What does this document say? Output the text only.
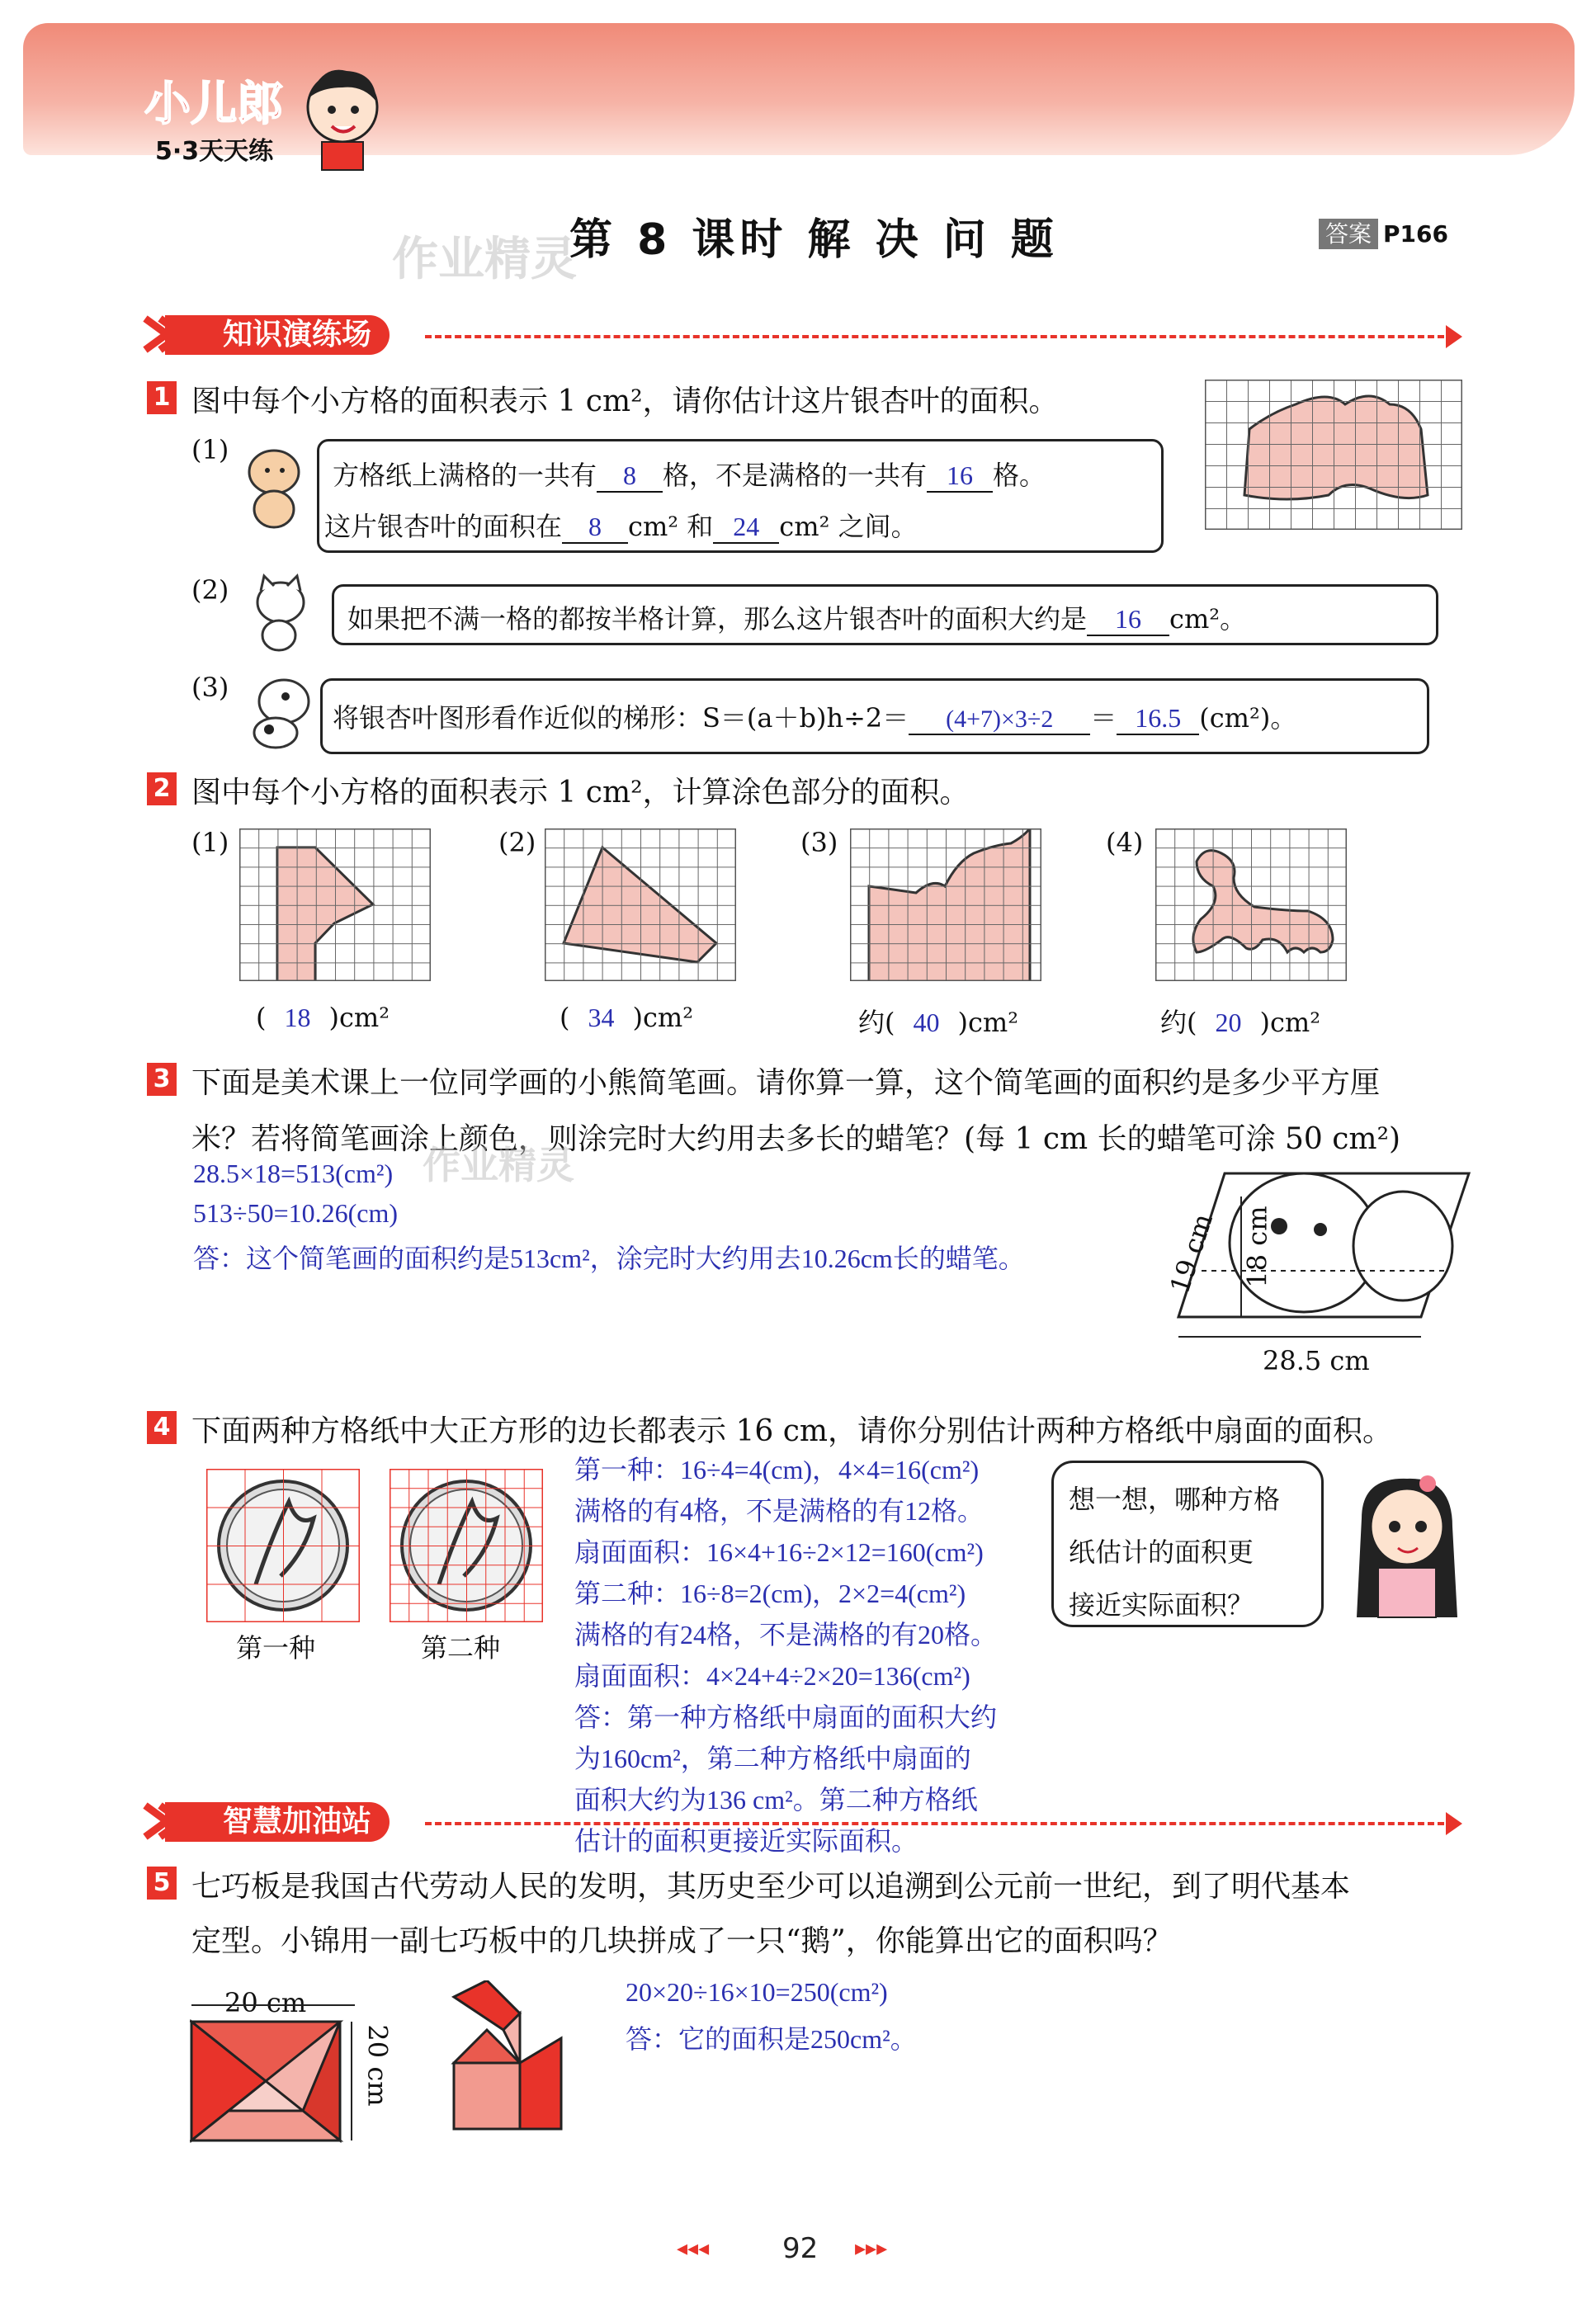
小儿郎
5·3天天练
第 8 课时 解 决 问 题
作业精灵	答案 P166
知识演练场
1 图中每个小方格的面积表示 1 cm²，请你估计这片银杏叶的面积。
(1)
方格纸上满格的一共有 8 格，不是满格的一共有 16 格。
这片银杏叶的面积在 8 cm² 和 24 cm² 之间。
(2)
如果把不满一格的都按半格计算，那么这片银杏叶的面积大约是 16 cm²。
(3)
将银杏叶图形看作近似的梯形：S＝(a＋b)h÷2＝ (4+7)×3÷2 ＝ 16.5 (cm²)。
2 图中每个小方格的面积表示 1 cm²，计算涂色部分的面积。
(1)
( 18 )cm²
(2)
( 34 )cm²
(3)
约( 40 )cm²
(4)
约( 20 )cm²
3 下面是美术课上一位同学画的小熊简笔画。请你算一算，这个简笔画的面积约是多少平方厘
米？若将简笔画涂上颜色，则涂完时大约用去多长的蜡笔？(每 1 cm 长的蜡笔可涂 50 cm²)
作业精灵
28.5×18=513(cm²)
513÷50=10.26(cm)
答：这个简笔画的面积约是513cm²，涂完时大约用去10.26cm长的蜡笔。	19 cm 18 cm
28.5 cm
4 下面两种方格纸中大正方形的边长都表示 16 cm，请你分别估计两种方格纸中扇面的面积。
第一种	第二种
第一种：16÷4=4(cm)，4×4=16(cm²)
满格的有4格，不是满格的有12格。
扇面面积：16×4+16÷2×12=160(cm²)
第二种：16÷8=2(cm)，2×2=4(cm²)
满格的有24格，不是满格的有20格。
扇面面积：4×24+4÷2×20=136(cm²)
答：第一种方格纸中扇面的面积大约
为160cm²，第二种方格纸中扇面的
面积大约为136 cm²。第二种方格纸
估计的面积更接近实际面积。
想一想，哪种方格
纸估计的面积更
接近实际面积？
智慧加油站
5 七巧板是我国古代劳动人民的发明，其历史至少可以追溯到公元前一世纪，到了明代基本
定型。小锦用一副七巧板中的几块拼成了一只“鹅”，你能算出它的面积吗？
20 cm
20 cm
20×20÷16×10=250(cm²)
答：它的面积是250cm²。
◂◂◂	92 ▸▸▸
